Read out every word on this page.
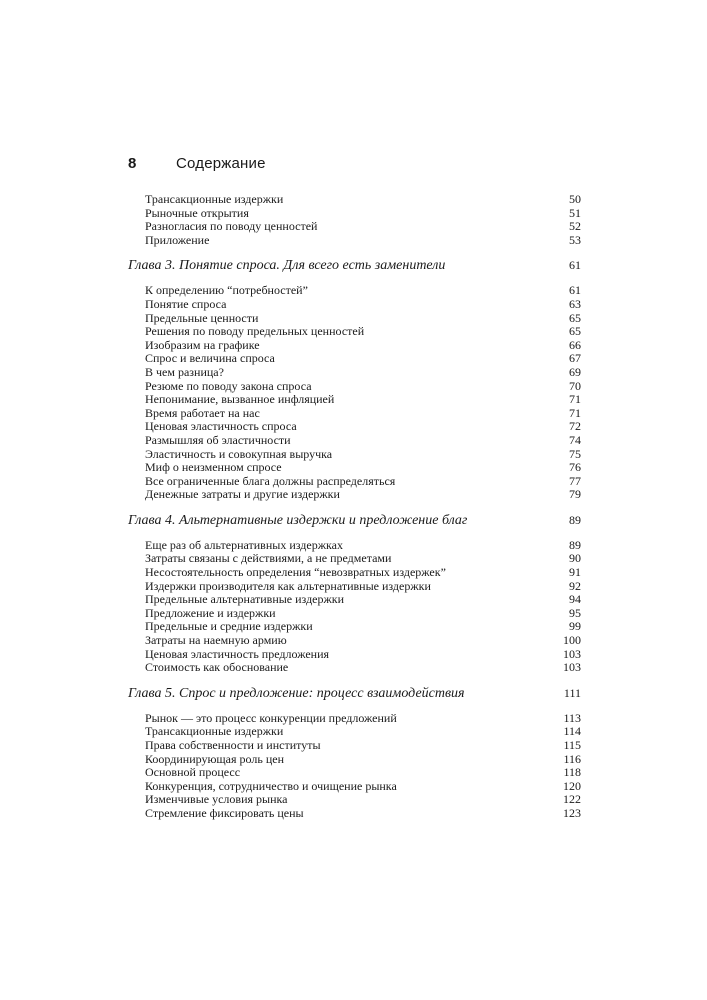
8	Содержание
Трансакционные издержки	50
Рыночные открытия	51
Разногласия по поводу ценностей	52
Приложение	53
Глава 3. Понятие спроса. Для всего есть заменители	61
К определению “потребностей”	61
Понятие спроса	63
Предельные ценности	65
Решения по поводу предельных ценностей	65
Изобразим на графике	66
Спрос и величина спроса	67
В чем разница?	69
Резюме по поводу закона спроса	70
Непонимание, вызванное инфляцией	71
Время работает на нас	71
Ценовая эластичность спроса	72
Размышляя об эластичности	74
Эластичность и совокупная выручка	75
Миф о неизменном спросе	76
Все ограниченные блага должны распределяться	77
Денежные затраты и другие издержки	79
Глава 4. Альтернативные издержки и предложение благ	89
Еще раз об альтернативных издержках	89
Затраты связаны с действиями, а не предметами	90
Несостоятельность определения “невозвратных издержек”	91
Издержки производителя как альтернативные издержки	92
Предельные альтернативные издержки	94
Предложение и издержки	95
Предельные и средние издержки	99
Затраты на наемную армию	100
Ценовая эластичность предложения	103
Стоимость как обоснование	103
Глава 5. Спрос и предложение: процесс взаимодействия	111
Рынок — это процесс конкуренции предложений	113
Трансакционные издержки	114
Права собственности и институты	115
Координирующая роль цен	116
Основной процесс	118
Конкуренция, сотрудничество и очищение рынка	120
Изменчивые условия рынка	122
Стремление фиксировать цены	123
